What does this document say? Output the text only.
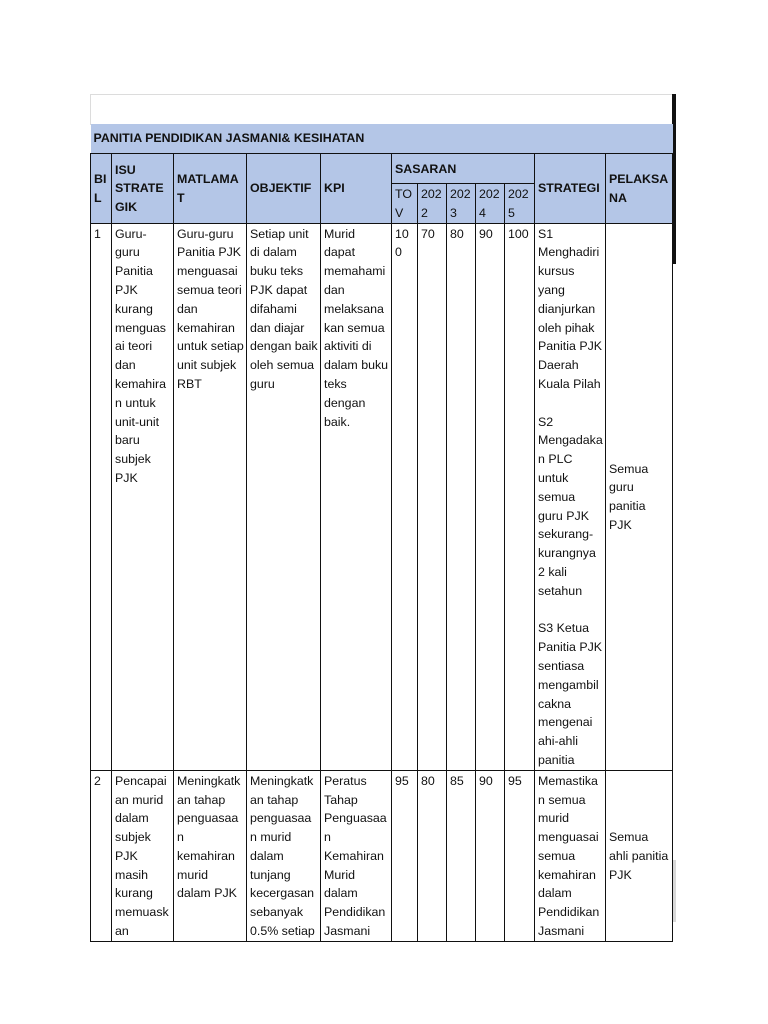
PANITIA PENDIDIKAN JASMANI& KESIHATAN											
BIL	ISU STRATEGIK	MATLAMAT	OBJEKTIF	KPI	SASARAN					STRATEGI	PELAKSANA
					TOV	2022	2023	2024	2025		
1	Guru-guru Panitia PJK kurang menguasai teori dan kemahiran untuk unit-unit baru subjek PJK	Guru-guru Panitia PJK menguasai semua teori dan kemahiran untuk setiap unit subjek RBT	Setiap unit di dalam buku teks PJK dapat difahami dan diajar dengan baik oleh semua guru	Murid dapat memahami dan melaksanakan semua aktiviti di dalam buku teks dengan baik.	100	70	80	90	100	S1 Menghadiri kursus yang dianjurkan oleh pihak Panitia PJK Daerah Kuala Pilah
S2 Mengadakan PLC untuk semua guru PJK sekurang-kurangnya 2 kali setahun
S3 Ketua Panitia PJK sentiasa mengambil cakna mengenai ahi-ahli panitia	Semua guru panitia PJK
2	Pencapaian murid dalam subjek PJK masih kurang memuaskan	Meningkatkan tahap penguasaan kemahiran murid dalam PJK	Meningkatkan tahap penguasaan murid dalam tunjang kecergasan sebanyak 0.5% setiap	Peratus Tahap Penguasaan Kemahiran Murid dalam Pendidikan Jasmani	95	80	85	90	95	Memastikan semua murid menguasai semua kemahiran dalam Pendidikan Jasmani	Semua ahli panitia PJK
